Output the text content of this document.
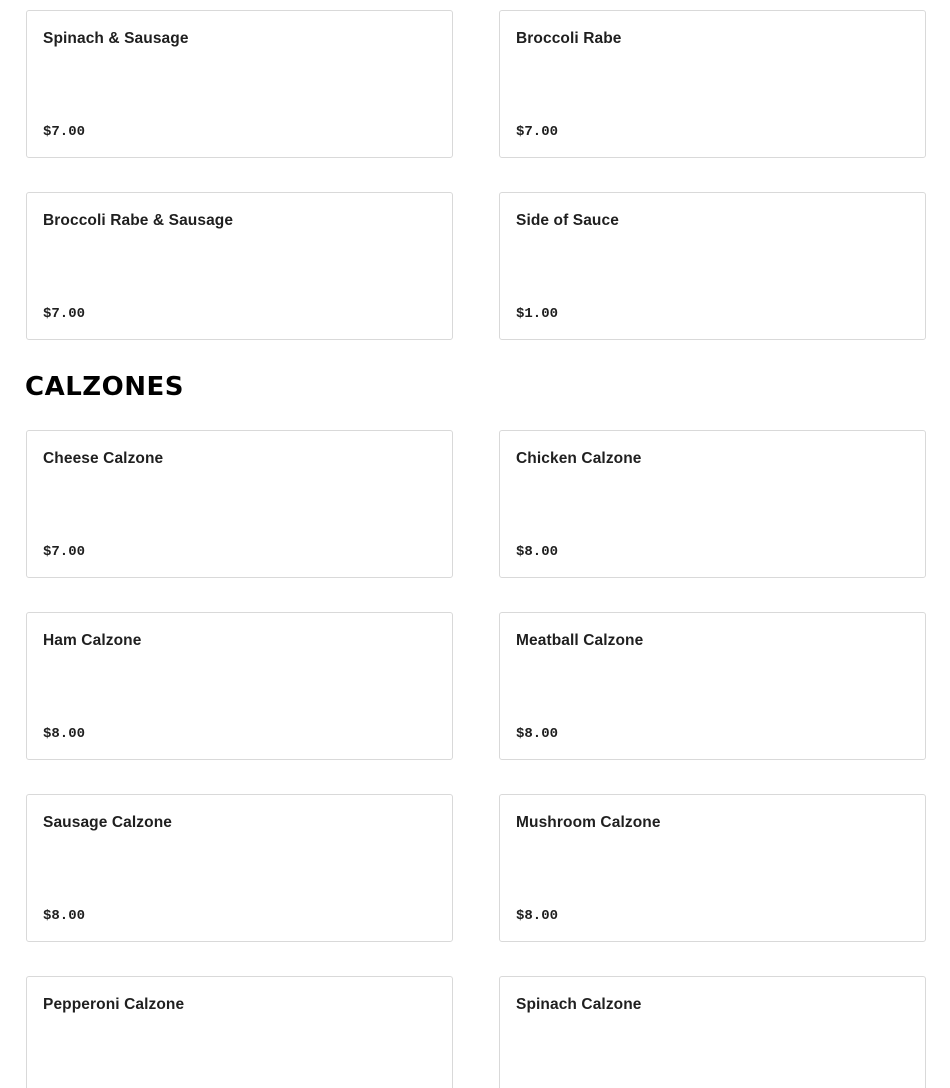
Spinach & Sausage
$7.00
Broccoli Rabe
$7.00
Broccoli Rabe & Sausage
$7.00
Side of Sauce
$1.00
CALZONES
Cheese Calzone
$7.00
Chicken Calzone
$8.00
Ham Calzone
$8.00
Meatball Calzone
$8.00
Sausage Calzone
$8.00
Mushroom Calzone
$8.00
Pepperoni Calzone	Spinach Calzone
